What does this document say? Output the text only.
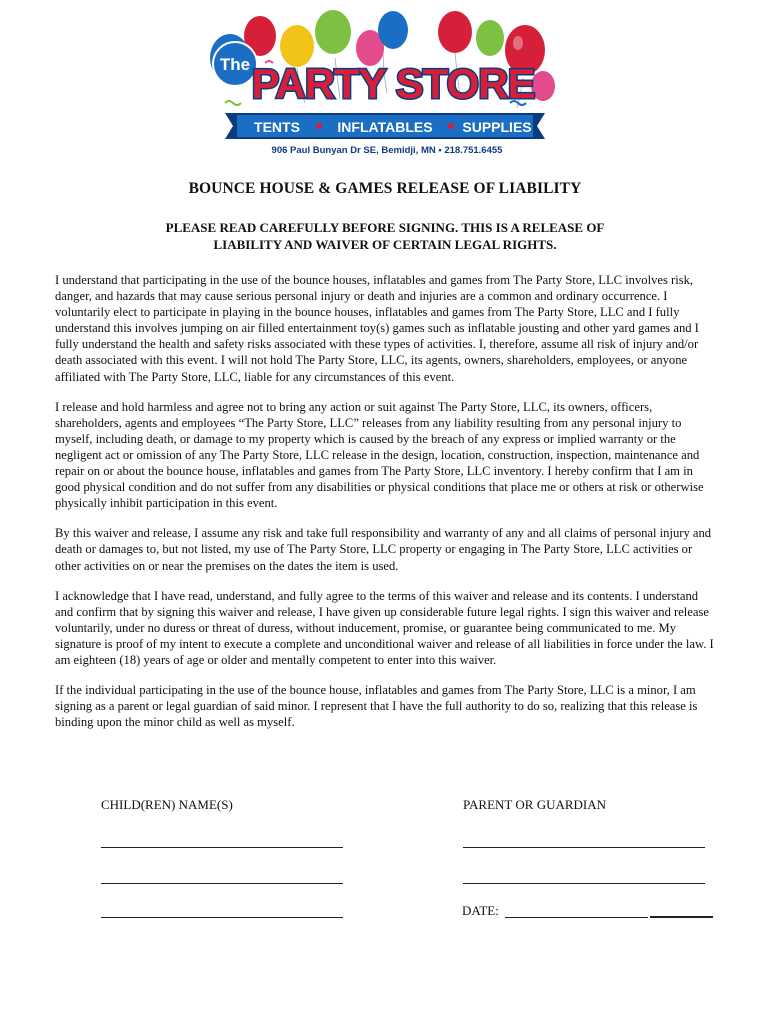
The PARTY STORE
TENTS	INFLATABLES SUPPLIES
906 Paul Bunyan Dr SE, Bemidji, MN • 218.751.6455
BOUNCE HOUSE & GAMES RELEASE OF LIABILITY
PLEASE READ CAREFULLY BEFORE SIGNING. THIS IS A RELEASE OF
LIABILITY AND WAIVER OF CERTAIN LEGAL RIGHTS.

I understand that participating in the use of the bounce houses, inflatables and games from The Party Store, LLC involves risk, danger, and hazards that may cause serious personal injury or death and injuries are a common and ordinary occurrence. I voluntarily elect to participate in playing in the bounce houses, inflatables and games from The Party Store, LLC and I fully understand this involves jumping on air filled entertainment toy(s) games such as inflatable jousting and other yard games and I fully understand the health and safety risks associated with these types of activities. I, therefore, assume all risk of injury and/or death associated with this event. I will not hold The Party Store, LLC, its agents, owners, shareholders, employees, or anyone affiliated with The Party Store, LLC, liable for any circumstances of this event.

I release and hold harmless and agree not to bring any action or suit against The Party Store, LLC, its owners, officers, shareholders, agents and employees “The Party Store, LLC” releases from any liability resulting from any personal injury to myself, including death, or damage to my property which is caused by the breach of any express or implied warranty or the negligent act or omission of any The Party Store, LLC release in the design, location, construction, inspection, maintenance and repair on or about the bounce house, inflatables and games from The Party Store, LLC inventory. I hereby confirm that I am in good physical condition and do not suffer from any disabilities or physical conditions that place me or others at risk or otherwise physically inhibit participation in this event.

By this waiver and release, I assume any risk and take full responsibility and warranty of any and all claims of personal injury and death or damages to, but not listed, my use of The Party Store, LLC property or engaging in The Party Store, LLC activities or other activities on or near the premises on the dates the item is used.

I acknowledge that I have read, understand, and fully agree to the terms of this waiver and release and its contents. I understand and confirm that by signing this waiver and release, I have given up considerable future legal rights. I sign this waiver and release voluntarily, under no duress or threat of duress, without inducement, promise, or guarantee being communicated to me. My signature is proof of my intent to execute a complete and unconditional waiver and release of all liabilities in force under the law. I am eighteen (18) years of age or older and mentally competent to enter into this waiver.

If the individual participating in the use of the bounce house, inflatables and games from The Party Store, LLC is a minor, I am signing as a parent or legal guardian of said minor. I represent that I have the full authority to do so, realizing that this release is binding upon the minor child as well as myself.

CHILD(REN) NAME(S)	PARENT OR GUARDIAN
DATE:
